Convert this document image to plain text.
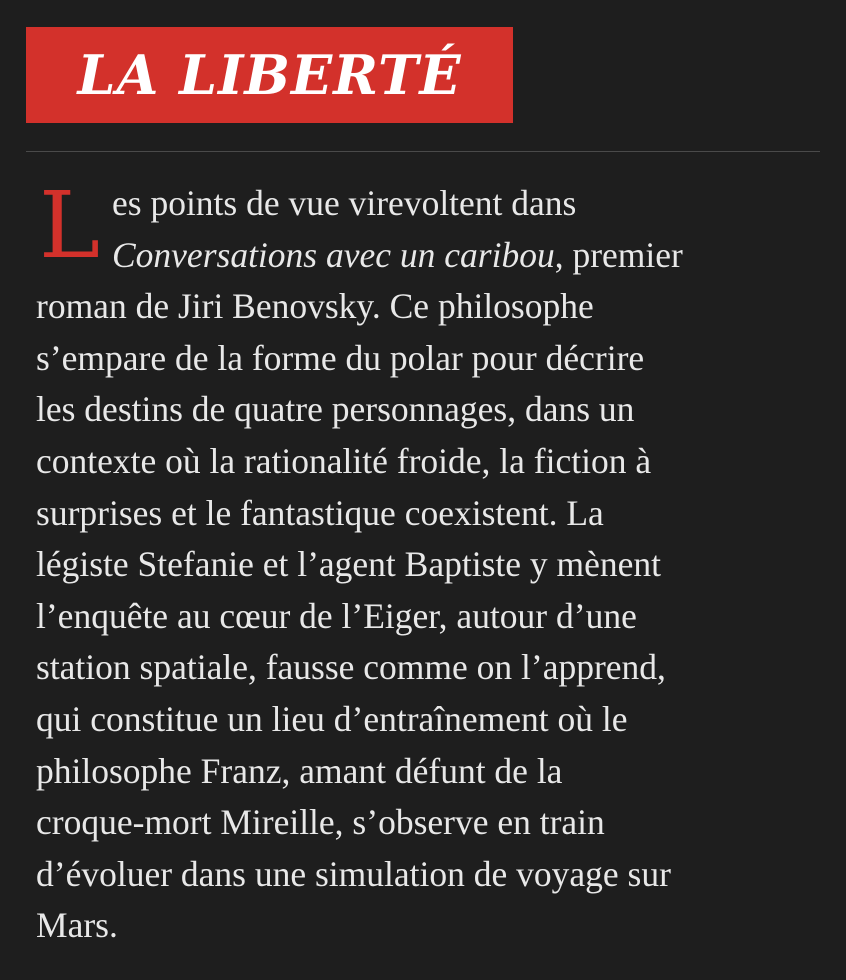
LA LIBERTÉ
L es points de vue virevoltent dans
Conversations avec un caribou, premier
roman de Jiri Benovsky. Ce philosophe
s’empare de la forme du polar pour décrire
les destins de quatre personnages, dans un
contexte où la rationalité froide, la fiction à
surprises et le fantastique coexistent. La
légiste Stefanie et l’agent Baptiste y mènent
l’enquête au cœur de l’Eiger, autour d’une
station spatiale, fausse comme on l’apprend,
qui constitue un lieu d’entraînement où le
philosophe Franz, amant défunt de la
croque-mort Mireille, s’observe en train
d’évoluer dans une simulation de voyage sur
Mars.
